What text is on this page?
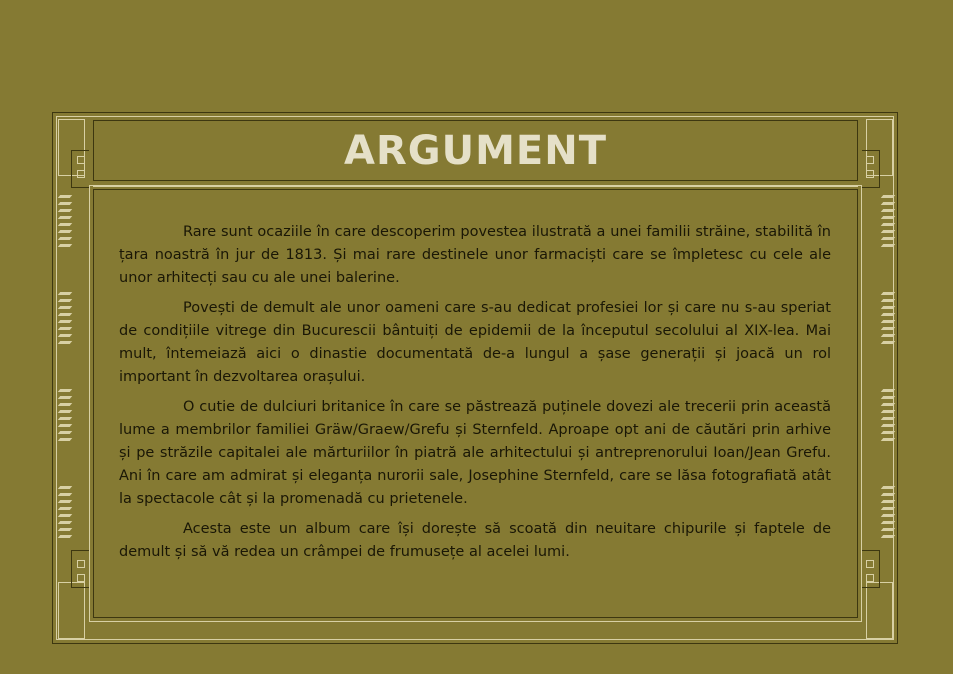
ARGUMENT

Rare sunt ocaziile în care descoperim povestea ilustrată a unei familii străine, stabilită în țara noastră în jur de 1813. Și mai rare destinele unor farmaciști care se împletesc cu cele ale unor arhitecți sau cu ale unei balerine.

Povești de demult ale unor oameni care s-au dedicat profesiei lor și care nu s-au speriat de condițiile vitrege din Bucurescii bântuiți de epidemii de la începutul secolului al XIX-lea. Mai mult, întemeiază aici o dinastie documentată de-a lungul a șase generații și joacă un rol important în dezvoltarea orașului.

O cutie de dulciuri britanice în care se păstrează puținele dovezi ale trecerii prin această lume a membrilor familiei Gräw/Graew/Grefu și Sternfeld. Aproape opt ani de căutări prin arhive și pe străzile capitalei ale mărturiilor în piatră ale arhitectului și antreprenorului Ioan/Jean Grefu. Ani în care am admirat și eleganța nurorii sale, Josephine Sternfeld, care se lăsa fotografiată atât la spectacole cât și la promenadă cu prietenele.

Acesta este un album care își dorește să scoată din neuitare chipurile și faptele de demult și să vă redea un crâmpei de frumusețe al acelei lumi.
